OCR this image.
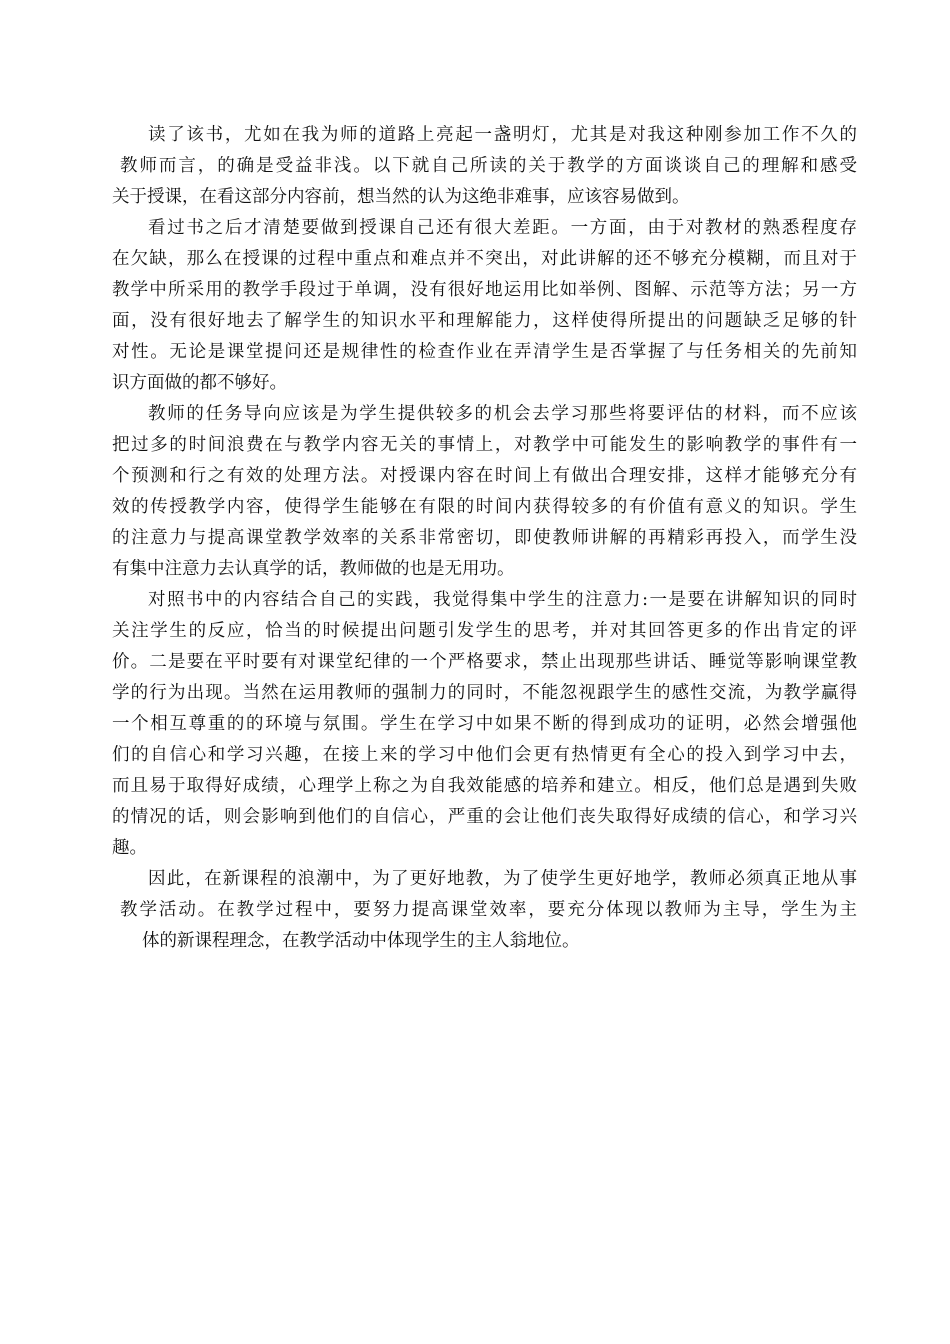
读了该书，尤如在我为师的道路上亮起一盏明灯，尤其是对我这种刚参加工作不久的
教师而言，的确是受益非浅。以下就自己所读的关于教学的方面谈谈自己的理解和感受
关于授课，在看这部分内容前，想当然的认为这绝非难事，应该容易做到。
看过书之后才清楚要做到授课自己还有很大差距。一方面，由于对教材的熟悉程度存
在欠缺，那么在授课的过程中重点和难点并不突出，对此讲解的还不够充分模糊，而且对于
教学中所采用的教学手段过于单调，没有很好地运用比如举例、图解、示范等方法；另一方
面，没有很好地去了解学生的知识水平和理解能力，这样使得所提出的问题缺乏足够的针
对性。无论是课堂提问还是规律性的检查作业在弄清学生是否掌握了与任务相关的先前知
识方面做的都不够好。
教师的任务导向应该是为学生提供较多的机会去学习那些将要评估的材料，而不应该
把过多的时间浪费在与教学内容无关的事情上，对教学中可能发生的影响教学的事件有一
个预测和行之有效的处理方法。对授课内容在时间上有做出合理安排，这样才能够充分有
效的传授教学内容，使得学生能够在有限的时间内获得较多的有价值有意义的知识。学生
的注意力与提高课堂教学效率的关系非常密切，即使教师讲解的再精彩再投入，而学生没
有集中注意力去认真学的话，教师做的也是无用功。
对照书中的内容结合自己的实践，我觉得集中学生的注意力:一是要在讲解知识的同时
关注学生的反应，恰当的时候提出问题引发学生的思考，并对其回答更多的作出肯定的评
价。二是要在平时要有对课堂纪律的一个严格要求，禁止出现那些讲话、睡觉等影响课堂教
学的行为出现。当然在运用教师的强制力的同时，不能忽视跟学生的感性交流，为教学赢得
一个相互尊重的的环境与氛围。学生在学习中如果不断的得到成功的证明，必然会增强他
们的自信心和学习兴趣，在接上来的学习中他们会更有热情更有全心的投入到学习中去，
而且易于取得好成绩，心理学上称之为自我效能感的培养和建立。相反，他们总是遇到失败
的情况的话，则会影响到他们的自信心，严重的会让他们丧失取得好成绩的信心，和学习兴
趣。
因此，在新课程的浪潮中，为了更好地教，为了使学生更好地学，教师必须真正地从事
教学活动。在教学过程中，要努力提高课堂效率，要充分体现以教师为主导，学生为主
体的新课程理念，在教学活动中体现学生的主人翁地位。
